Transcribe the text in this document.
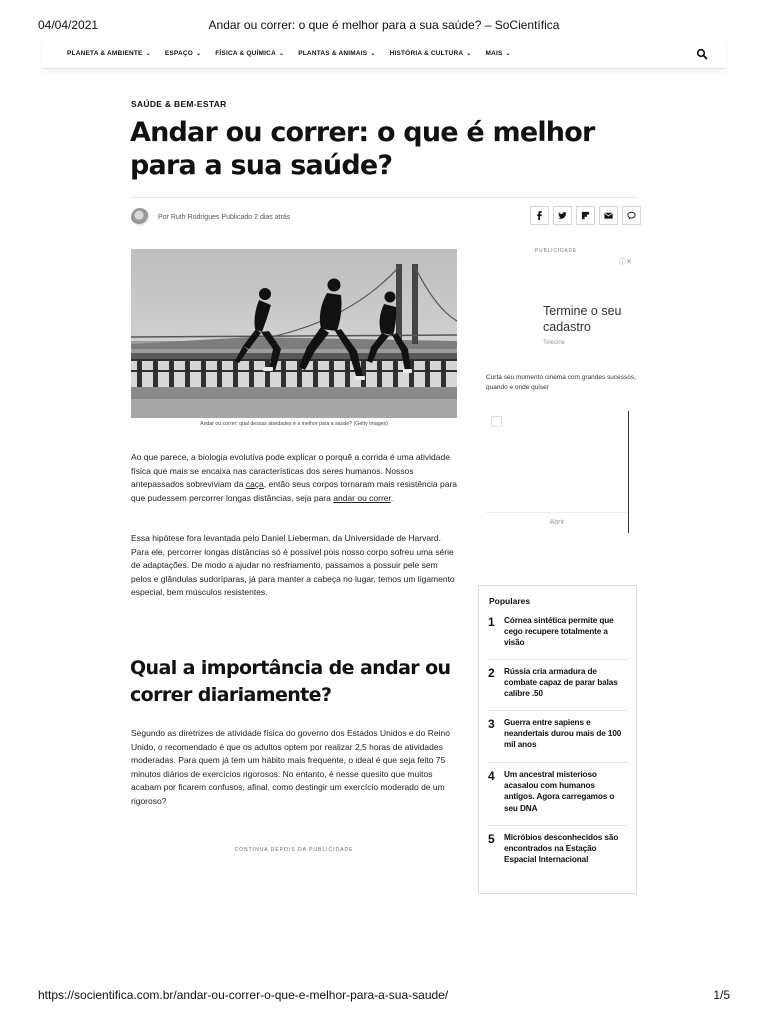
04/04/2021	Andar ou correr: o que é melhor para a sua saúde? – SoCientífica
PLANETA & AMBIENTE ⌄ ESPAÇO ⌄ FÍSICA & QUÍMICA ⌄ PLANTAS & ANIMAIS ⌄ HISTÓRIA & CULTURA ⌄ MAIS ⌄
SAÚDE & BEM-ESTAR
Andar ou correr: o que é melhor para a sua saúde?
Por Ruth Rodrigues Publicado 2 dias atrás
Andar ou correr: qual dessas atividades é a melhor para a saúde? (Getty Images)

Ao que parece, a biologia evolutiva pode explicar o porquê a corrida é uma atividade física que mais se encaixa nas características dos seres humanos. Nossos antepassados sobreviviam da caça, então seus corpos tornaram mais resistência para que pudessem percorrer longas distâncias, seja para andar ou correr.

Essa hipótese fora levantada pelo Daniel Lieberman, da Universidade de Harvard. Para ele, percorrer longas distâncias só é possível pois nosso corpo sofreu uma série de adaptações. De modo a ajudar no resfriamento, passamos a possuir pele sem pelos e glândulas sudoríparas, já para manter a cabeça no lugar, temos um ligamento especial, bem músculos resistentes.

Qual a importância de andar ou correr diariamente?

Segundo as diretrizes de atividade física do governo dos Estados Unidos e do Reino Unido, o recomendado é que os adultos optem por realizar 2,5 horas de atividades moderadas. Para quem já tem um hábito mais frequente, o ideal é que seja feito 75 minutos diários de exercícios rigorosos. No entanto, é nesse quesito que muitos acabam por ficarem confusos, afinal, como destingir um exercício moderado de um rigoroso?

CONTINUA DEPOIS DA PUBLICIDADE
PUBLICIDADE
ⓘ✕

Termine o seu cadastro

Telecine

Curta seu momento cinema com grandes sucessos, quando e onde quiser

Abrir

Populares

1	Córnea sintética permite que cego recupere totalmente a visão
2	Rússia cria armadura de combate capaz de parar balas calibre .50
3	Guerra entre sapiens e neandertais durou mais de 100 mil anos
4	Um ancestral misterioso acasalou com humanos antigos. Agora carregamos o seu DNA
5	Micróbios desconhecidos são encontrados na Estação Espacial Internacional
https://socientifica.com.br/andar-ou-correr-o-que-e-melhor-para-a-sua-saude/	1/5
